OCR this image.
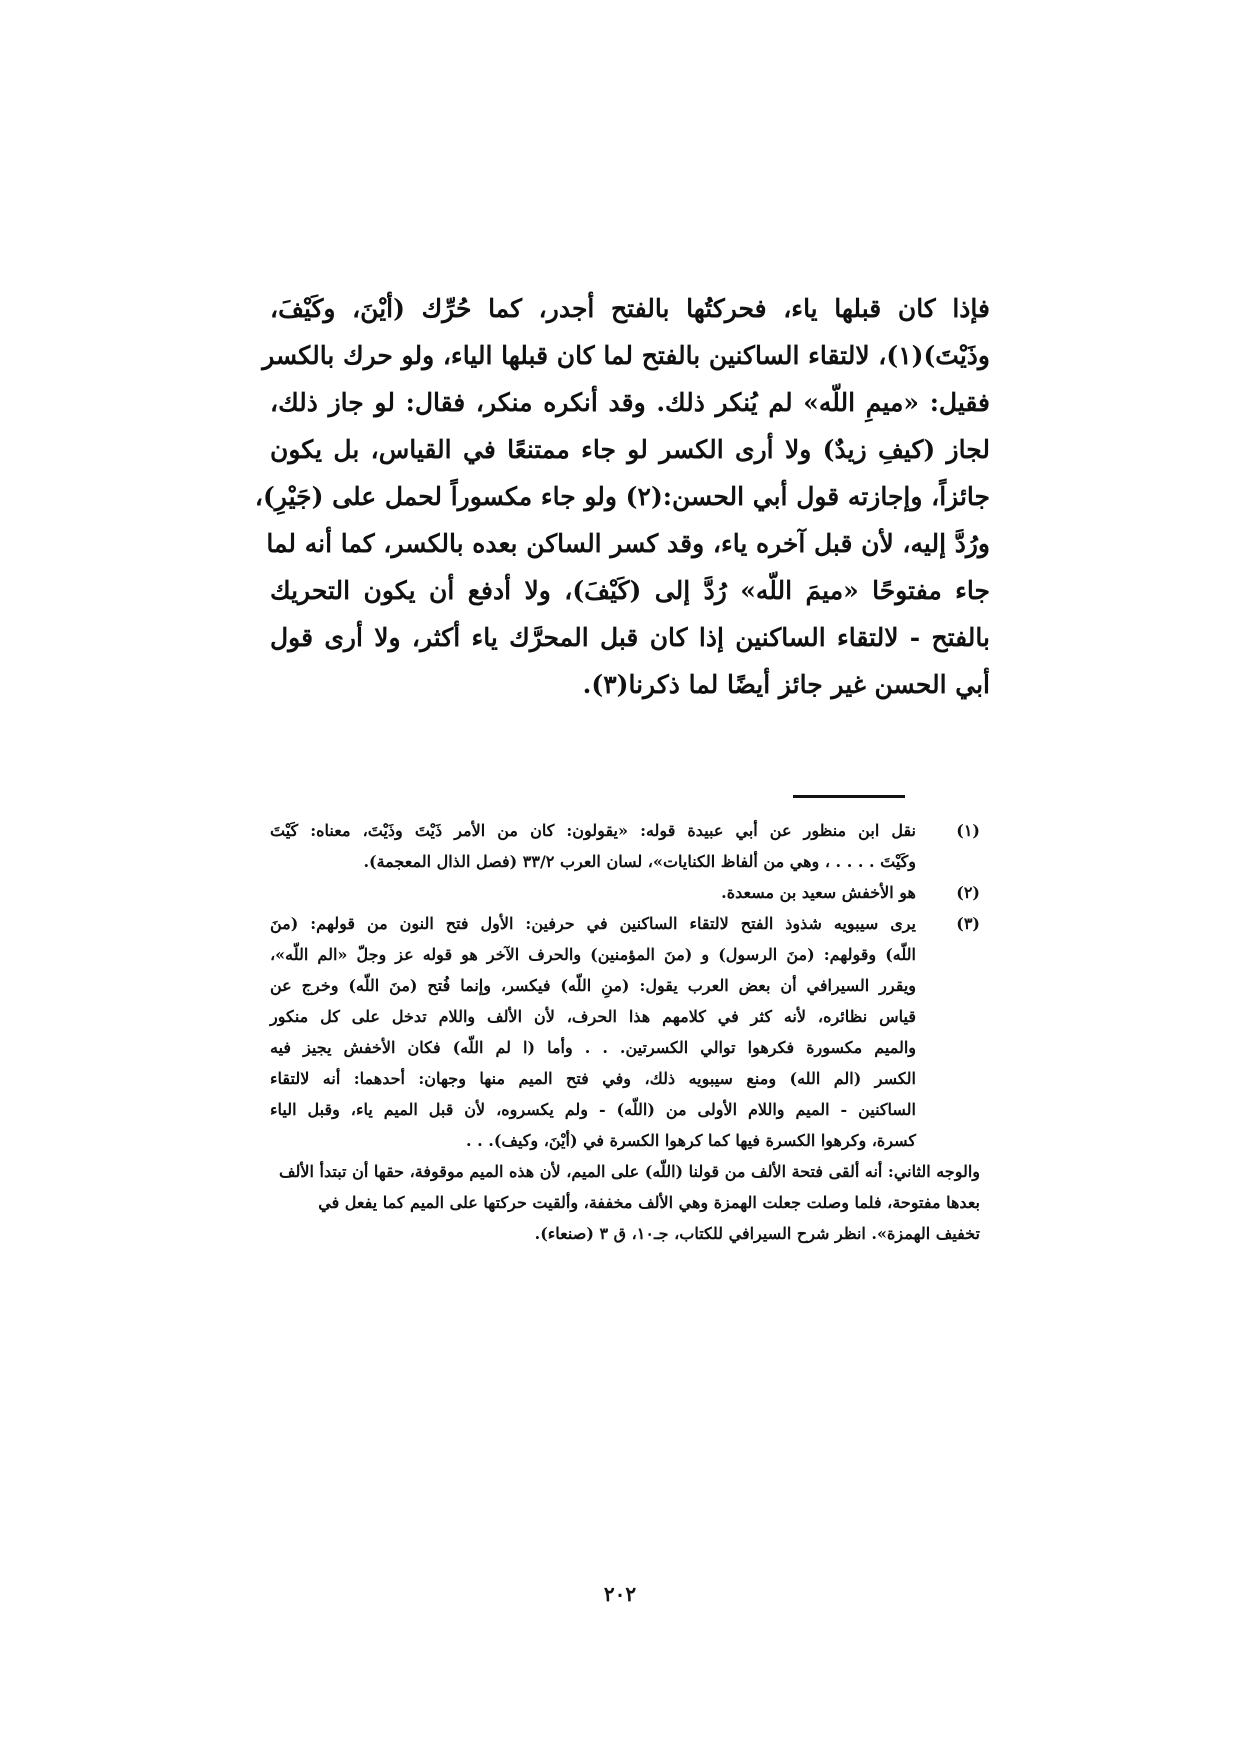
فإذا كان قبلها ياء، فحركتُها بالفتح أجدر، كما حُرِّك (أيْنَ، وكَيْفَ،
وذَيْتَ)(١)، لالتقاء الساكنين بالفتح لما كان قبلها الياء، ولو حرك بالكسر
فقيل: «ميمِ اللّه» لم يُنكر ذلك. وقد أنكره منكر، فقال: لو جاز ذلك،
لجاز (كيفِ زيدٌ) ولا أرى الكسر لو جاء ممتنعًا في القياس، بل يكون
جائزاً، وإجازته قول أبي الحسن:(٢) ولو جاء مكسوراً لحمل على (جَيْرِ)،
ورُدَّ إليه، لأن قبل آخره ياء، وقد كسر الساكن بعده بالكسر، كما أنه لما
جاء مفتوحًا «ميمَ اللّه» رُدَّ إلى (كَيْفَ)، ولا أدفع أن يكون التحريك
بالفتح - لالتقاء الساكنين إذا كان قبل المحرَّك ياء أكثر، ولا أرى قول
أبي الحسن غير جائز أيضًا لما ذكرنا(٣).
(١)
نقل ابن منظور عن أبي عبيدة قوله: «يقولون: كان من الأمر ذَيْتَ وذَيْتَ، معناه: كَيْتَ
وكَيْتَ . . . . ، وهي من ألفاظ الكنايات»، لسان العرب ٣٣/٢ (فصل الذال المعجمة).
(٢)
هو الأخفش سعيد بن مسعدة.
(٣)
يرى سيبويه شذوذ الفتح لالتقاء الساكنين في حرفين: الأول فتح النون من قولهم: (منَ
اللّه) وقولهم: (منَ الرسول) و (منَ المؤمنين) والحرف الآخر هو قوله عز وجلّ «الم اللّه»،
ويقرر السيرافي أن بعض العرب يقول: (منِ اللّه) فيكسر، وإنما فُتح (منَ اللّه) وخرج عن
قياس نظائره، لأنه كثر في كلامهم هذا الحرف، لأن الألف واللام تدخل على كل منكور
والميم مكسورة فكرهوا توالي الكسرتين. . . وأما (ا لم اللّه) فكان الأخفش يجيز فيه
الكسر (الم الله) ومنع سيبويه ذلك، وفي فتح الميم منها وجهان: أحدهما: أنه لالتقاء
الساكنين - الميم واللام الأولى من (اللّه) - ولم يكسروه، لأن قبل الميم ياء، وقبل الياء
كسرة، وكرهوا الكسرة فيها كما كرهوا الكسرة في (أيْنَ، وكيف). . .
والوجه الثاني: أنه ألقى فتحة الألف من قولنا (اللّه) على الميم، لأن هذه الميم موقوفة، حقها أن تبتدأ الألف بعدها مفتوحة، فلما وصلت جعلت الهمزة وهي الألف مخففة، وألقيت حركتها على الميم كما يفعل في تخفيف الهمزة». انظر شرح السيرافي للكتاب، جـ١٠، ق ٣ (صنعاء).
٢٠٢
